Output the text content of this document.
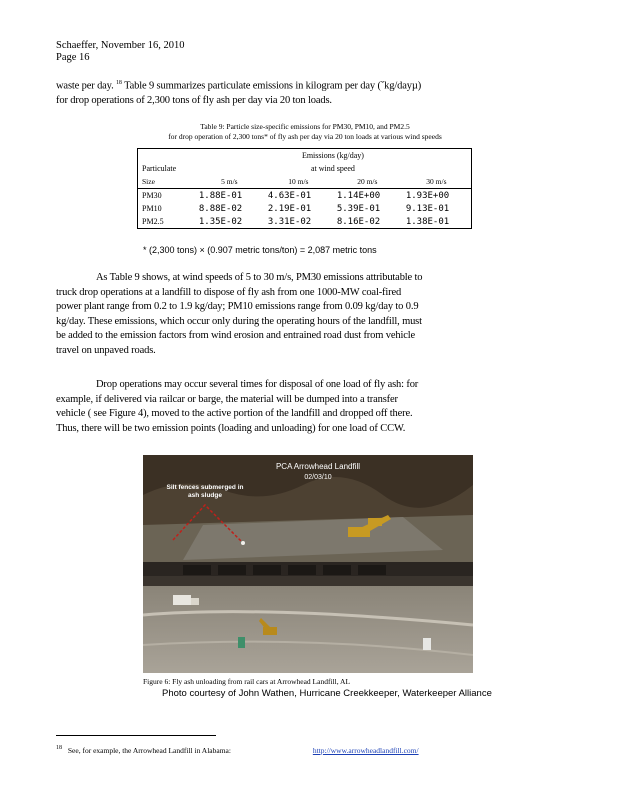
Schaeffer, November 16, 2010
Page 16
waste per day. $^{18}$ Table 9 summarizes particulate emissions in kilogram per day (ˇkg/dayµ) for drop operations of 2,300 tons of fly ash per day via 20 ton loads.
Table 9: Particle size-specific emissions for PM30, PM10, and PM2.5
for drop operation of 2,300 tons* of fly ash per day via 20 ton loads at various wind speeds
	Emissions (kg/day)			
Particulate	at wind speed			
Size	5 m/s	10 m/s	20 m/s	30 m/s
PM30	1.88E-01	4.63E-01	1.14E+00	1.93E+00
PM10	8.88E-02	2.19E-01	5.39E-01	9.13E-01
PM2.5	1.35E-02	3.31E-02	8.16E-02	1.38E-01
* (2,300 tons) × (0.907 metric tons/ton) = 2,087 metric tons
As Table 9 shows, at wind speeds of 5 to 30 m/s, PM30 emissions attributable to truck drop operations at a landfill to dispose of fly ash from one 1000-MW coal-fired power plant range from 0.2 to 1.9 kg/day; PM10 emissions range from 0.09 kg/day to 0.9 kg/day. These emissions, which occur only during the operating hours of the landfill, must be added to the emission factors from wind erosion and entrained road dust from vehicle travel on unpaved roads.
Drop operations may occur several times for disposal of one load of fly ash: for example, if delivered via railcar or barge, the material will be dumped into a transfer vehicle ( see Figure 4), moved to the active portion of the landfill and dropped off there. Thus, there will be two emission points (loading and unloading) for one load of CCW.
PCA Arrowhead Landfill
02/03/10
Silt fences submerged in
ash sludge
Figure 6: Fly ash unloading from rail cars at Arrowhead Landfill, AL
Photo courtesy of John Wathen, Hurricane Creekkeeper, Waterkeeper Alliance
$^{18}$ See, for example, the Arrowhead Landfill in Alabama:	http://www.arrowheadlandfill.com/
